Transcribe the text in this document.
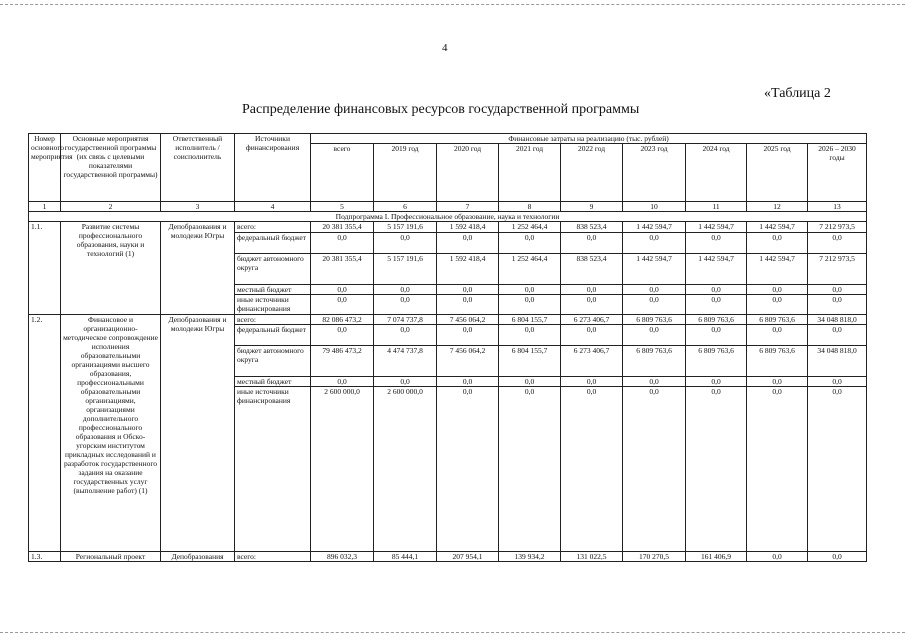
4
«Таблица 2
Распределение финансовых ресурсов государственной программы
Номер основного мероприятия	Основные мероприятия государственной программы (их связь с целевыми показателями государственной программы)	Ответственный исполнитель / соисполнитель	Источники финансирования	Финансовые затраты на реализацию (тыс. рублей)								
				всего	2019 год	2020 год	2021 год	2022 год	2023 год	2024 год	2025 год	2026 – 2030 годы
1	2	3	4	5	6	7	8	9	10	11	12	13
Подпрограмма I. Профессиональное образование, наука и технологии												
1.1.	Развитие системы профессионального образования, науки и технологий (1)	Депобразования и молодежи Югры	всего:	20 381 355,4	5 157 191,6	1 592 418,4	1 252 464,4	838 523,4	1 442 594,7	1 442 594,7	1 442 594,7	7 212 973,5
			федеральный бюджет	0,0	0,0	0,0	0,0	0,0	0,0	0,0	0,0	0,0
			бюджет автономного округа	20 381 355,4	5 157 191,6	1 592 418,4	1 252 464,4	838 523,4	1 442 594,7	1 442 594,7	1 442 594,7	7 212 973,5
			местный бюджет	0,0	0,0	0,0	0,0	0,0	0,0	0,0	0,0	0,0
			иные источники финансирования	0,0	0,0	0,0	0,0	0,0	0,0	0,0	0,0	0,0
1.2.	Финансовое и организационно-методическое сопровождение исполнения образовательными организациями высшего образования, профессиональными образовательными организациями, организациями дополнительного профессионального образования и Обско-угорским институтом прикладных исследований и разработок государственного задания на оказание государственных услуг (выполнение работ) (1)	Депобразования и молодежи Югры	всего:	82 086 473,2	7 074 737,8	7 456 064,2	6 804 155,7	6 273 406,7	6 809 763,6	6 809 763,6	6 809 763,6	34 048 818,0
			федеральный бюджет	0,0	0,0	0,0	0,0	0,0	0,0	0,0	0,0	0,0
			бюджет автономного округа	79 486 473,2	4 474 737,8	7 456 064,2	6 804 155,7	6 273 406,7	6 809 763,6	6 809 763,6	6 809 763,6	34 048 818,0
			местный бюджет	0,0	0,0	0,0	0,0	0,0	0,0	0,0	0,0	0,0
			иные источники финансирования	2 600 000,0	2 600 000,0	0,0	0,0	0,0	0,0	0,0	0,0	0,0
1.3.	Региональный проект	Депобразования	всего:	896 032,3	85 444,1	207 954,1	139 934,2	131 022,5	170 270,5	161 406,9	0,0	0,0
